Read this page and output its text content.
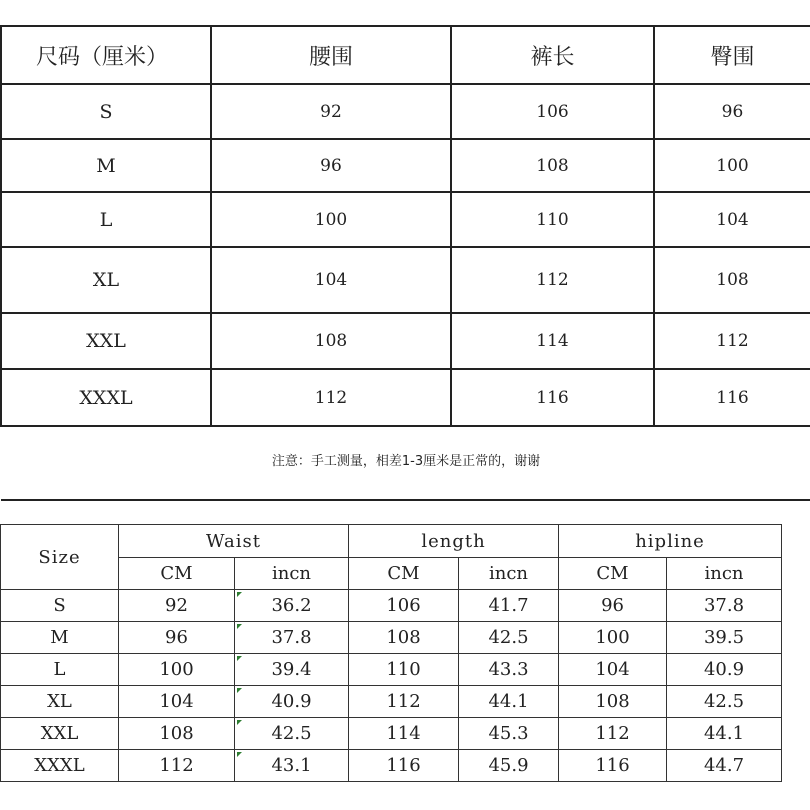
尺码（厘米）	腰围	裤长	臀围
S	92	106	96
M	96	108	100
L	100	110	104
XL	104	112	108
XXL	108	114	112
XXXL	112	116	116
注意：手工测量，相差1-3厘米是正常的，谢谢			
Size	Waist		length		hipline	
	CM	incn	CM	incn	CM	incn
S	92	36.2	106	41.7	96	37.8
M	96	37.8	108	42.5	100	39.5
L	100	39.4	110	43.3	104	40.9
XL	104	40.9	112	44.1	108	42.5
XXL	108	42.5	114	45.3	112	44.1
XXXL	112	43.1	116	45.9	116	44.7
